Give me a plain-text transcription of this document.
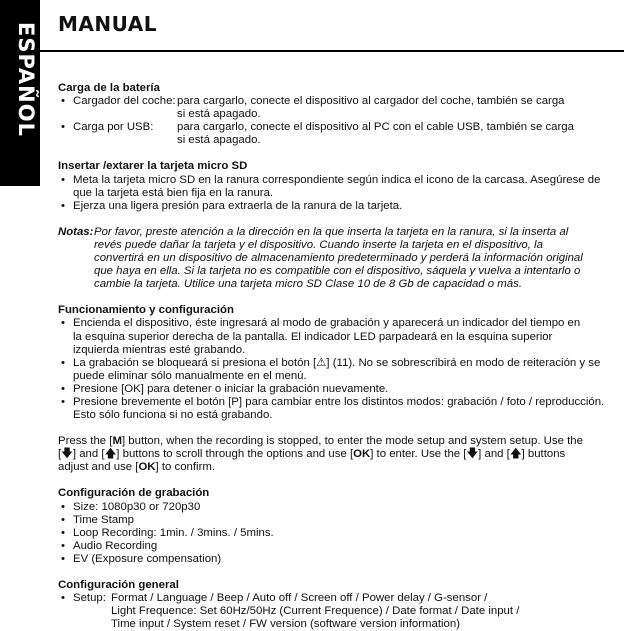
ESPAÑOL MANUAL
Carga de la batería
• Cargador del coche: para cargarlo, conecte el dispositivo al cargador del coche, también se carga
si está apagado.
• Carga por USB:	para cargarlo, conecte el dispositivo al PC con el cable USB, también se carga
si está apagado.
Insertar /extarer la tarjeta micro SD
• Meta la tarjeta micro SD en la ranura correspondiente según indica el icono de la carcasa. Asegúrese de que la tarjeta está bien fija en la ranura.
• Ejerza una ligera presión para extraerla de la ranura de la tarjeta.
Notas: Por favor, preste atención a la dirección en la que inserta la tarjeta en la ranura, si la inserta al revés puede dañar la tarjeta y el dispositivo. Cuando inserte la tarjeta en el dispositivo, la convertirá en un dispositivo de almacenamiento predeterminado y perderá la información original que haya en ella. Si la tarjeta no es compatible con el dispositivo, sáquela y vuelva a intentarlo o cambie la tarjeta. Utilice una tarjeta micro SD Clase 10 de 8 Gb de capacidad o más.
Funcionamiento y configuración
• Encienda el dispositivo, éste ingresará al modo de grabación y aparecerá un indicador del tiempo en la esquina superior derecha de la pantalla. El indicador LED parpadeará en la esquina superior izquierda mientras esté grabando.
• La grabación se bloqueará si presiona el botón [⚠] (11). No se sobrescribirá en modo de reiteración y se puede eliminar sólo manualmente en el menú.
• Presione [OK] para detener o iniciar la grabación nuevamente.
• Presione brevemente el botón [P] para cambiar entre los distintos modos: grabación / foto / reproducción. Esto sólo funciona si no está grabando.
Press the [M] button, when the recording is stopped, to enter the mode setup and system setup. Use the [🡇] and [🡅] buttons to scroll through the options and use [OK] to enter. Use the [🡇] and [🡅] buttons adjust and use [OK] to confirm.
Configuración de grabación
• Size: 1080p30 or 720p30
• Time Stamp
• Loop Recording: 1min. / 3mins. / 5mins.
• Audio Recording
• EV (Exposure compensation)
Configuración general
• Setup: Format / Language / Beep / Auto off / Screen off / Power delay / G-sensor /
Light Frequence: Set 60Hz/50Hz (Current Frequence) / Date format / Date input /
Time input / System reset / FW version (software version information)
